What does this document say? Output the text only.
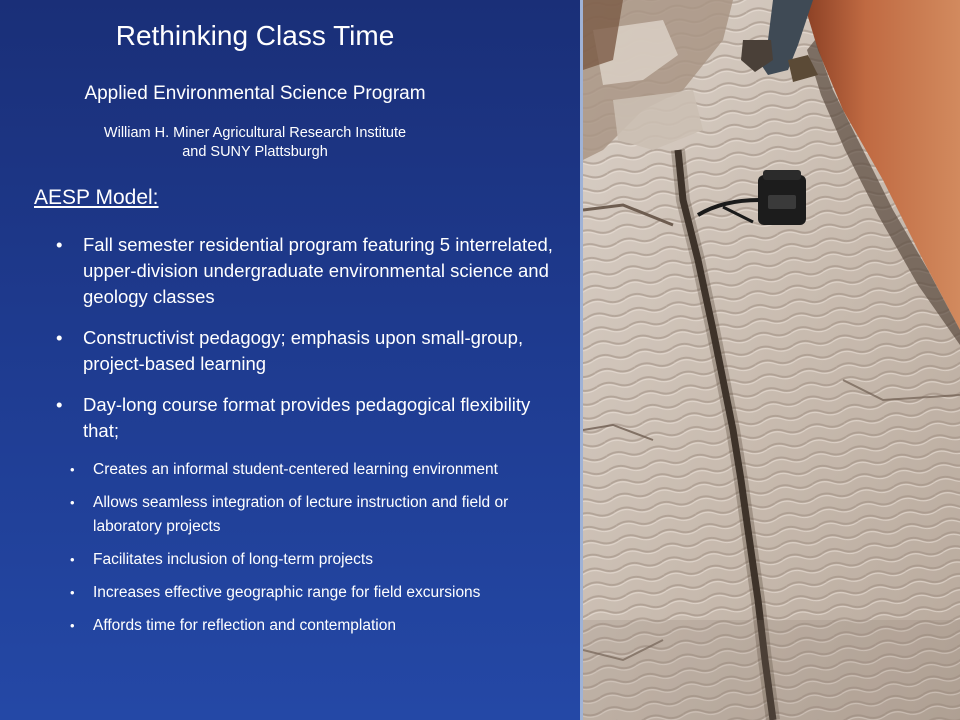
Rethinking Class Time

Applied Environmental Science Program

William H. Miner Agricultural Research Institute
and SUNY Plattsburgh

AESP Model:

• Fall semester residential program featuring 5 interrelated, upper-division undergraduate environmental science and geology classes
• Constructivist pedagogy; emphasis upon small-group, project-based learning
• Day-long course format provides pedagogical flexibility that;
• Creates an informal student-centered learning environment
• Allows seamless integration of lecture instruction and field or laboratory projects
• Facilitates inclusion of long-term projects
• Increases effective geographic range for field excursions
• Affords time for reflection and contemplation
